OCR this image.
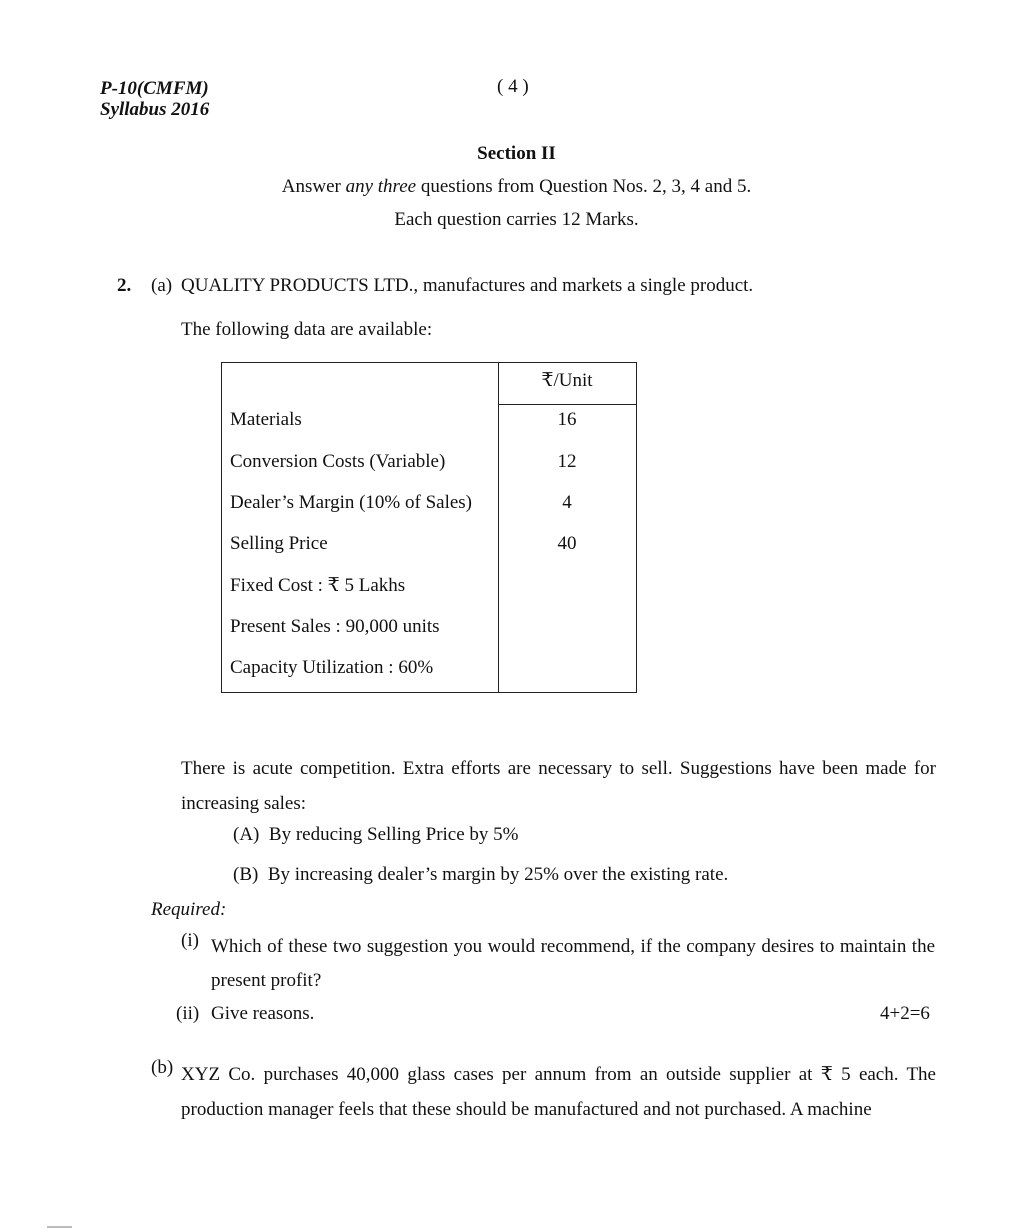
P-10(CMFM)
Syllabus 2016
( 4 )
Section II
Answer any three questions from Question Nos. 2, 3, 4 and 5.
Each question carries 12 Marks.
2. (a) QUALITY PRODUCTS LTD., manufactures and markets a single product.
The following data are available:
₹/Unit
Materials	16
Conversion Costs (Variable)	12
Dealer’s Margin (10% of Sales)	4
Selling Price	40
Fixed Cost : ₹ 5 Lakhs
Present Sales : 90,000 units
Capacity Utilization : 60%
There is acute competition. Extra efforts are necessary to sell. Suggestions have been made for increasing sales:
(A) By reducing Selling Price by 5%
(B) By increasing dealer’s margin by 25% over the existing rate.
Required:
(i) Which of these two suggestion you would recommend, if the company desires to maintain the present profit?
(ii) Give reasons.	4+2=6
(b) XYZ Co. purchases 40,000 glass cases per annum from an outside supplier at ₹ 5 each. The production manager feels that these should be manufactured and not purchased. A machine
